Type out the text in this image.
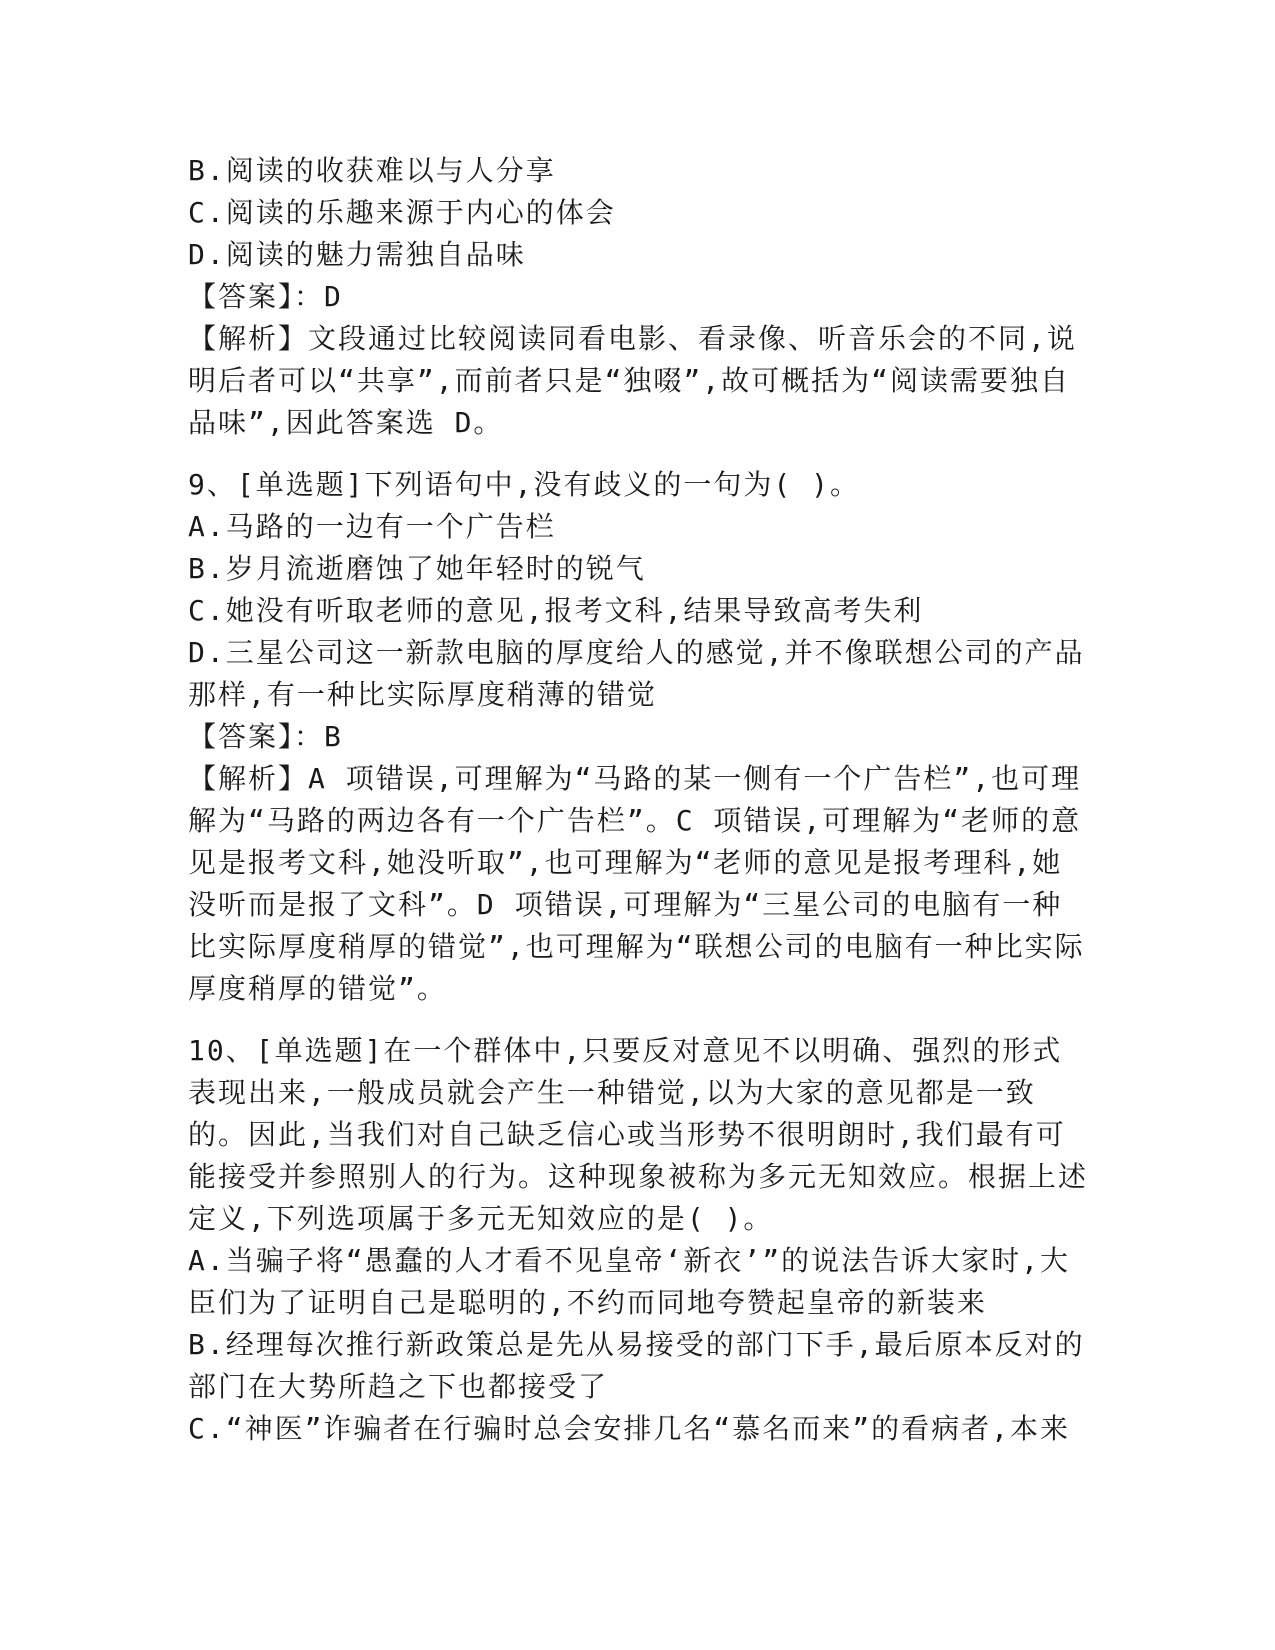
B.阅读的收获难以与人分享
C.阅读的乐趣来源于内心的体会
D.阅读的魅力需独自品味
【答案】：D
【解析】文段通过比较阅读同看电影、看录像、听音乐会的不同,说明后者可以“共享”,而前者只是“独啜”,故可概括为“阅读需要独自品味”,因此答案选 D。
9、[单选题]下列语句中,没有歧义的一句为( )。
A.马路的一边有一个广告栏
B.岁月流逝磨蚀了她年轻时的锐气
C.她没有听取老师的意见,报考文科,结果导致高考失利
D.三星公司这一新款电脑的厚度给人的感觉,并不像联想公司的产品那样,有一种比实际厚度稍薄的错觉
【答案】：B
【解析】A 项错误,可理解为“马路的某一侧有一个广告栏”,也可理解为“马路的两边各有一个广告栏”。C 项错误,可理解为“老师的意见是报考文科,她没听取”,也可理解为“老师的意见是报考理科,她没听而是报了文科”。D 项错误,可理解为“三星公司的电脑有一种比实际厚度稍厚的错觉”,也可理解为“联想公司的电脑有一种比实际厚度稍厚的错觉”。
10、[单选题]在一个群体中,只要反对意见不以明确、强烈的形式表现出来,一般成员就会产生一种错觉,以为大家的意见都是一致的。因此,当我们对自己缺乏信心或当形势不很明朗时,我们最有可能接受并参照别人的行为。这种现象被称为多元无知效应。根据上述定义,下列选项属于多元无知效应的是( )。
A.当骗子将“愚蠢的人才看不见皇帝‘新衣’”的说法告诉大家时,大臣们为了证明自己是聪明的,不约而同地夸赞起皇帝的新装来
B.经理每次推行新政策总是先从易接受的部门下手,最后原本反对的部门在大势所趋之下也都接受了
C.“神医”诈骗者在行骗时总会安排几名“慕名而来”的看病者,本来
